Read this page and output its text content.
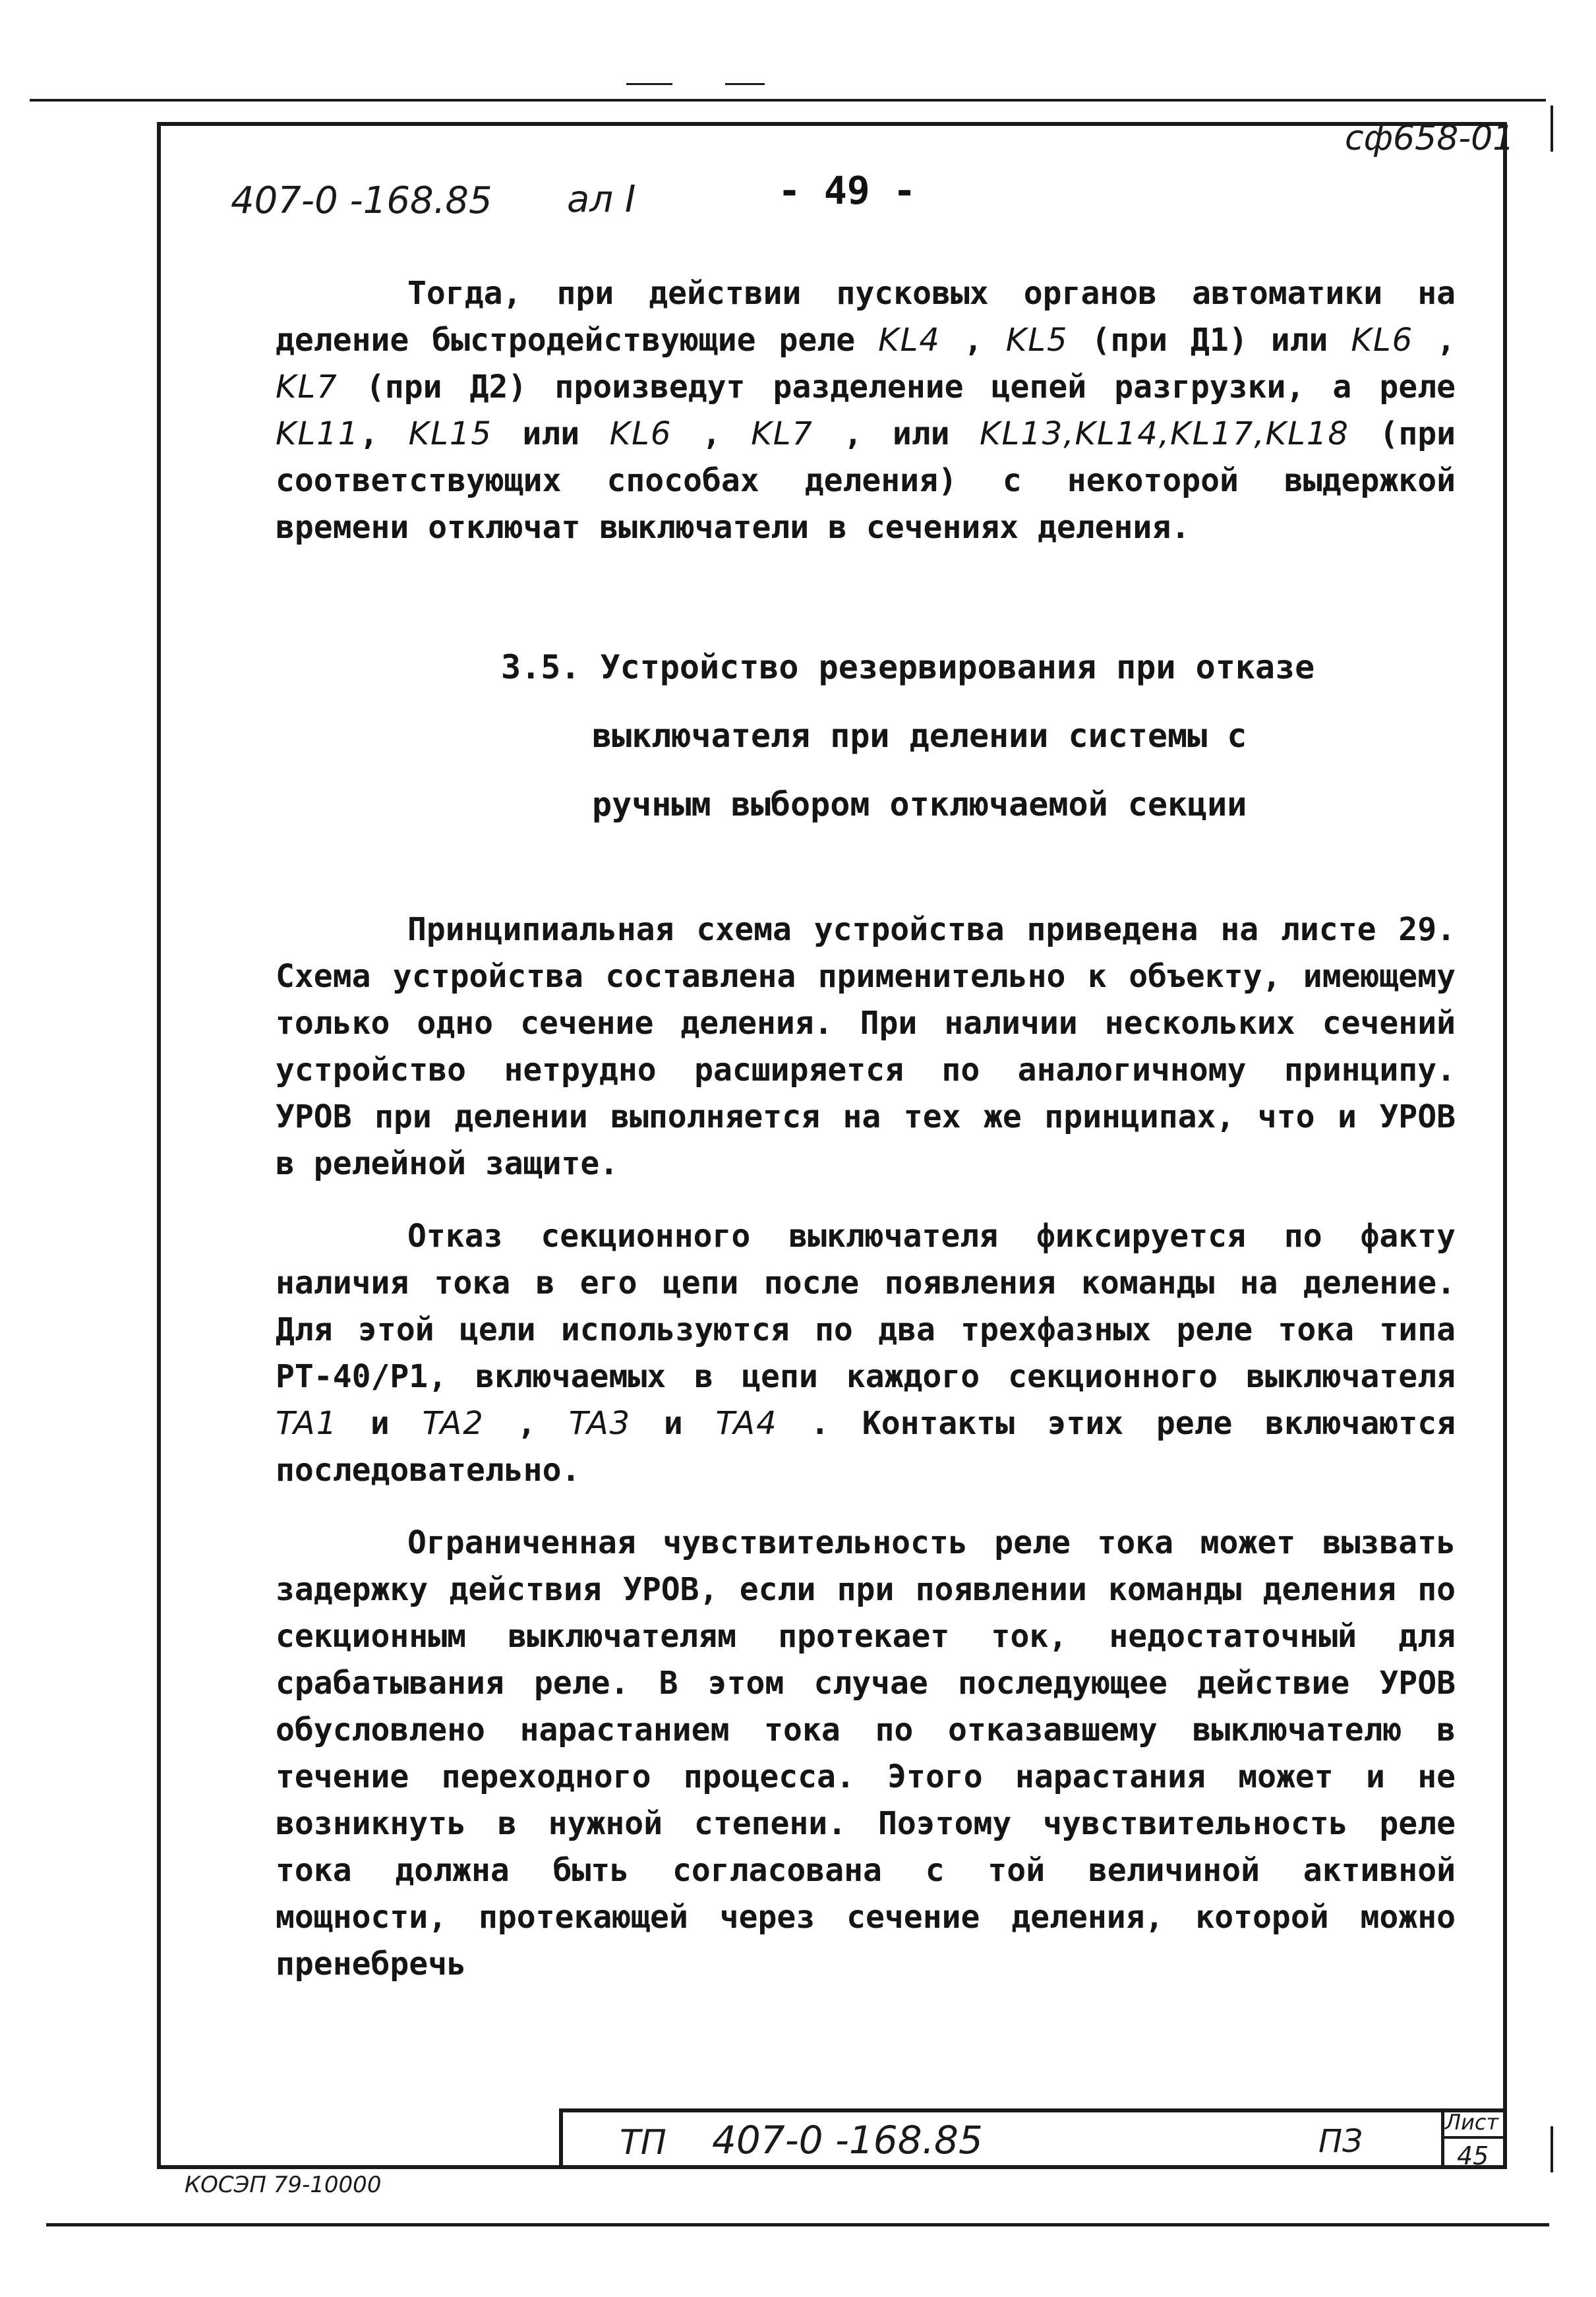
сф658-01
407-0 -168.85 ал I	- 49 -

Тогда, при действии пусковых органов автоматики на деление быстродействующие реле KL4 , KL5 (при Д1) или KL6 , KL7 (при Д2) произведут разделение цепей разгрузки, а реле KL11, KL15 или KL6 , KL7 , или KL13,KL14,KL17,KL18 (при соответствующих способах деления) с некоторой выдержкой времени отключат выключатели в сечениях деления.

3.5. Устройство резервирования при отказе
выключателя при делении системы с
ручным выбором отключаемой секции

Принципиальная схема устройства приведена на листе 29. Схема устройства составлена применительно к объекту, имеющему только одно сечение деления. При наличии нескольких сечений устройство нетрудно расширяется по аналогичному принципу. УРОВ при делении выполняется на тех же принципах, что и УРОВ в релейной защите.

Отказ секционного выключателя фиксируется по факту наличия тока в его цепи после появления команды на деление. Для этой цели используются по два трехфазных реле тока типа РТ-40/Р1, включаемых в цепи каждого секционного выключателя TA1 и TA2 , TA3 и TA4 . Контакты этих реле включаются последовательно.

Ограниченная чувствительность реле тока может вызвать задержку действия УРОВ, если при появлении команды деления по секционным выключателям протекает ток, недостаточный для срабатывания реле. В этом случае последующее действие УРОВ обусловлено нарастанием тока по отказавшему выключателю в течение переходного процесса. Этого нарастания может и не возникнуть в нужной степени. Поэтому чувствительность реле тока должна быть согласована с той величиной активной мощности, протекающей через сечение деления, которой можно пренебречь

ТП 407-0 -168.85	ПЗ
Лист
45
КОСЭП 79-10000
